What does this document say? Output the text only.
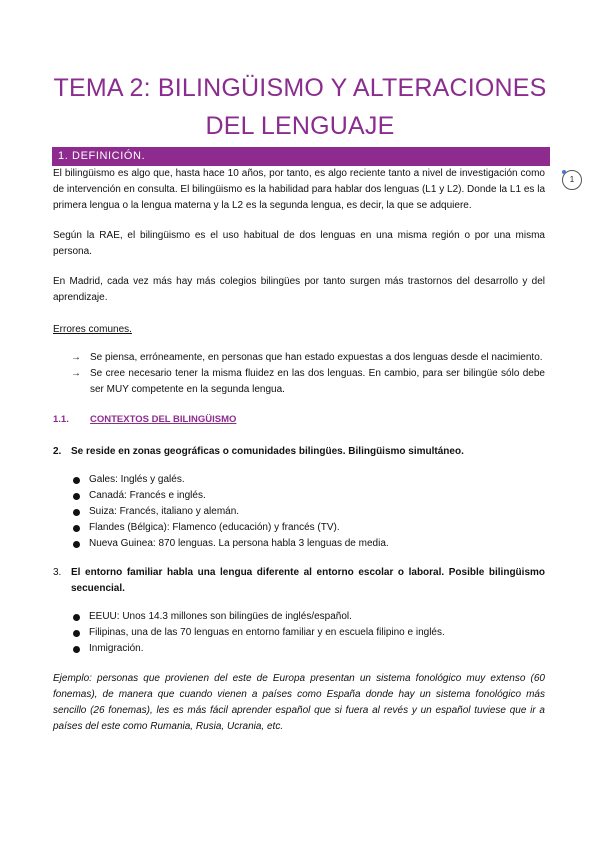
TEMA 2: BILINGÜISMO Y ALTERACIONES
DEL LENGUAJE
1. DEFINICIÓN.
1

El bilingüismo es algo que, hasta hace 10 años, por tanto, es algo reciente tanto a nivel de investigación como de intervención en consulta. El bilingüismo es la habilidad para hablar dos lenguas (L1 y L2). Donde la L1 es la primera lengua o la lengua materna y la L2 es la segunda lengua, es decir, la que se adquiere.

Según la RAE, el bilingüismo es el uso habitual de dos lenguas en una misma región o por una misma persona.

En Madrid, cada vez más hay más colegios bilingües por tanto surgen más trastornos del desarrollo y del aprendizaje.

Errores comunes.

→ Se piensa, erróneamente, en personas que han estado expuestas a dos lenguas desde el nacimiento.
→ Se cree necesario tener la misma fluidez en las dos lenguas. En cambio, para ser bilingüe sólo debe ser MUY competente en la segunda lengua.

1.1. CONTEXTOS DEL BILINGÜISMO

2. Se reside en zonas geográficas o comunidades bilingües. Bilingüismo simultáneo.

Gales: Inglés y galés.
Canadá: Francés e inglés.
Suiza: Francés, italiano y alemán.
Flandes (Bélgica): Flamenco (educación) y francés (TV).
Nueva Guinea: 870 lenguas. La persona habla 3 lenguas de media.

3. El entorno familiar habla una lengua diferente al entorno escolar o laboral. Posible bilingüismo secuencial.

EEUU: Unos 14.3 millones son bilingües de inglés/español.
Filipinas, una de las 70 lenguas en entorno familiar y en escuela filipino e inglés.
Inmigración.

Ejemplo: personas que provienen del este de Europa presentan un sistema fonológico muy extenso (60 fonemas), de manera que cuando vienen a países como España donde hay un sistema fonológico más sencillo (26 fonemas), les es más fácil aprender español que si fuera al revés y un español tuviese que ir a países del este como Rumania, Rusia, Ucrania, etc.
